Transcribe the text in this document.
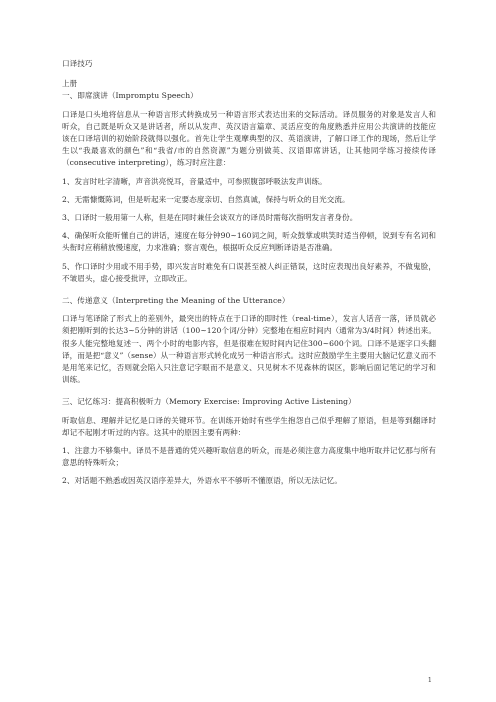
口译技巧
上册
一、即席演讲（Impromptu Speech）

口译是口头地将信息从一种语言形式转换成另一种语言形式表达出来的交际活动。译员服务的对象是发言人和听众，自己既是听众又是讲话者，所以从发声、英汉语言篇章、灵活应变的角度熟悉并应用公共演讲的技能应该在口译培训的初始阶段就得以强化。首先让学生观摩典型的汉、英语演讲，了解口译工作的现场，然后让学生以“我最喜欢的颜色”和“我省/市的自然资源”为题分别做英、汉语即席讲话，让其他同学练习接续传译（consecutive interpreting），练习时应注意：

1、发言时吐字清晰，声音洪亮悦耳，音量适中，可参照腹部呼吸法发声训练。

2、无需慷慨陈词，但是听起来一定要态度亲切、自然真诚，保持与听众的目光交流。

3、口译时一般用第一人称，但是在同时兼任会谈双方的译员时需每次指明发言者身份。

4、确保听众能听懂自己的讲话，速度在每分钟90~160词之间，听众鼓掌或哄笑时适当停顿，说到专有名词和头衔时应稍稍放慢速度，力求准确；察言观色，根据听众反应判断译语是否准确。

5、作口译时少用或不用手势，即兴发言时难免有口误甚至被人纠正错误，这时应表现出良好素养，不做鬼脸，不皱眉头，虚心接受批评，立即改正。

二、传递意义（Interpreting the Meaning of the Utterance）

口译与笔译除了形式上的差别外，最突出的特点在于口译的即时性（real-time），发言人话音一落，译员就必须把刚听到的长达3~5分钟的讲话（100~120个词/分钟）完整地在相应时间内（通常为3/4时间）转述出来。很多人能完整地复述一、两个小时的电影内容，但是很难在短时间内记住300~600个词。口译不是逐字口头翻译，而是把“意义”（sense）从一种语言形式转化成另一种语言形式。这时应鼓励学生主要用大脑记忆意义而不是用笔来记忆，否则就会陷入只注意记字眼而不是意义、只见树木不见森林的误区，影响后面记笔记的学习和训练。

三、记忆练习：提高积极听力（Memory Exercise: Improving Active Listening）

听取信息、理解并记忆是口译的关键环节。在训练开始时有些学生抱怨自己似乎理解了原语，但是等到翻译时却记不起刚才听过的内容。这其中的原因主要有两种：

1、注意力不够集中。译员不是普通的凭兴趣听取信息的听众，而是必须注意力高度集中地听取并记忆那与所有意思的特殊听众；

2、对话题不熟悉或因英汉语序差异大，外语水平不够听不懂原语，所以无法记忆。

1
